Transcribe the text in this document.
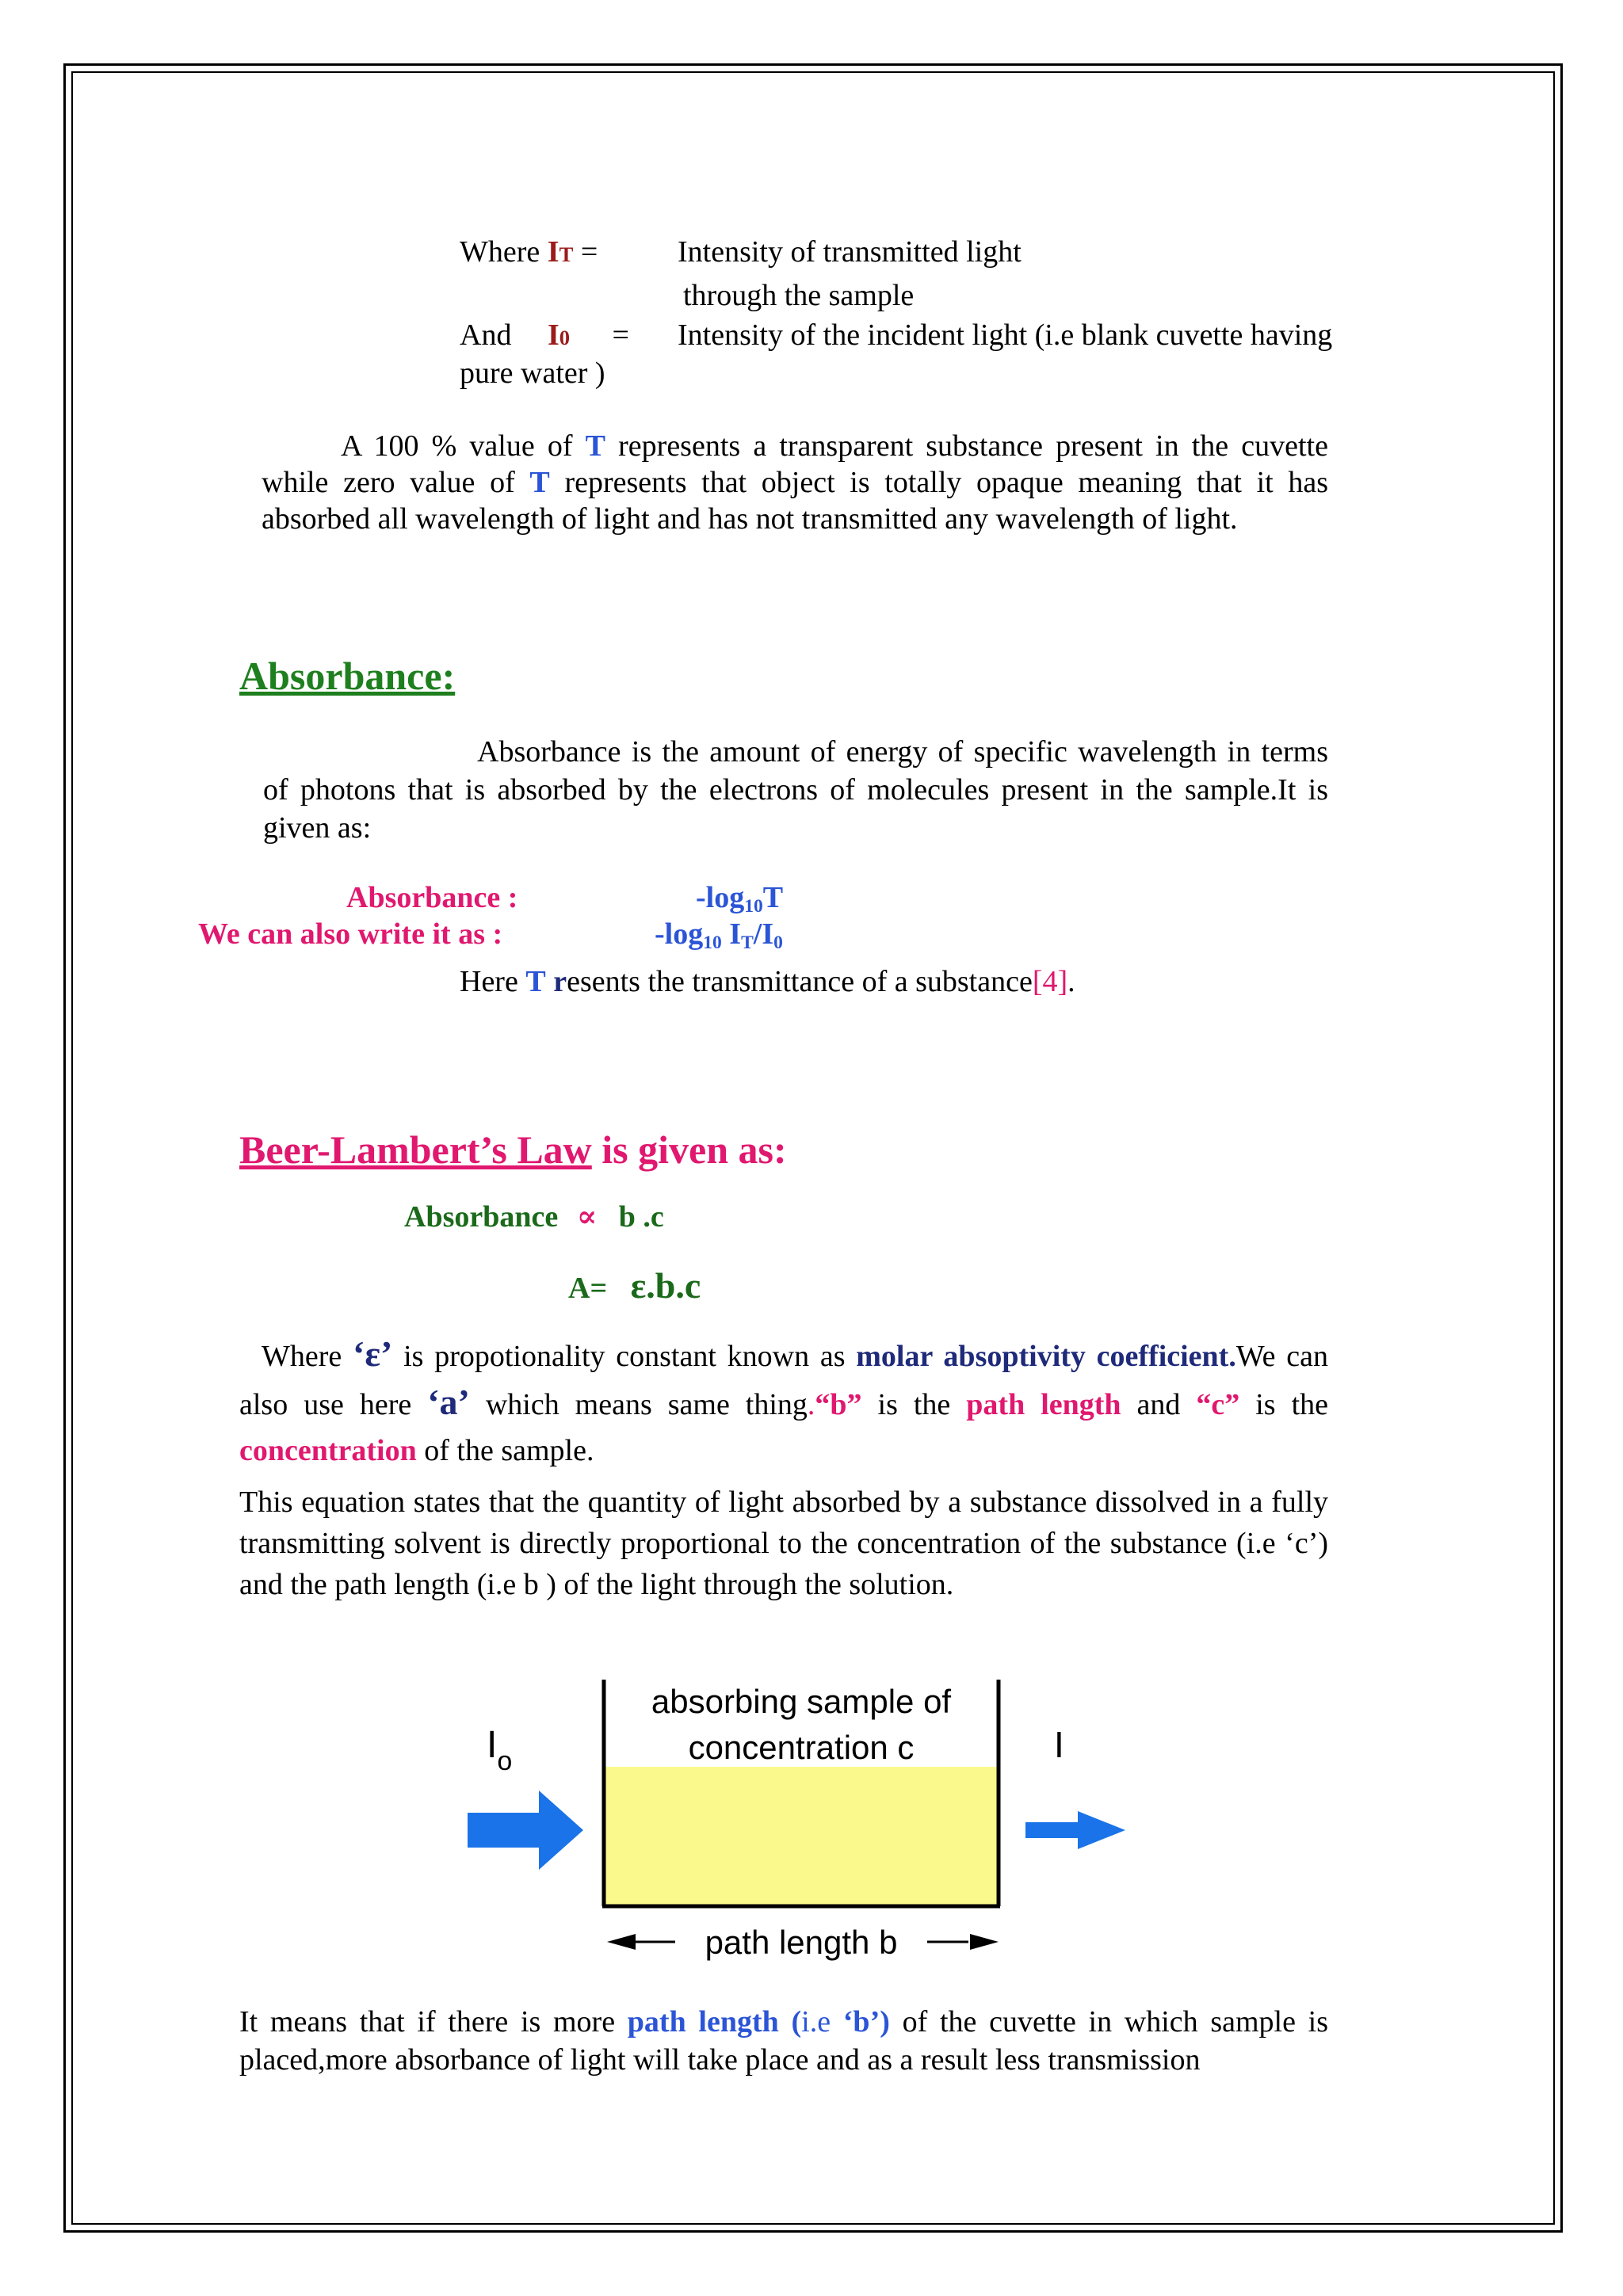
Where IT =	Intensity of transmitted light
through the sample
And I0 = Intensity of the incident light (i.e blank cuvette having
pure water )
A 100 % value of T represents a transparent substance present in the cuvette while zero value of T represents that object is totally opaque meaning that it has absorbed all wavelength of light and has not transmitted any wavelength of light.
Absorbance:
Absorbance is the amount of energy of specific wavelength in terms of photons that is absorbed by the electrons of molecules present in the sample.It is given as:
Absorbance :	$-\log_{10}T$
We can also write it as :	$-\log_{10}$ $I_T/I_0$
Here T resents the transmittance of a substance[4].
Beer-Lambert’s Law is given as:
Absorbance ∝ b .c
A= ε.b.c
Where ‘ε’ is propotionality constant known as molar absoptivity coefficient.We can also use here ‘a’ which means same thing.“b” is the path length and “c” is the concentration of the sample.
This equation states that the quantity of light absorbed by a substance dissolved in a fully transmitting solvent is directly proportional to the concentration of the substance (i.e ‘c’) and the path length (i.e b ) of the light through the solution.
absorbing sample of
concentration c
$I_o$	I
path length b
It means that if there is more path length (i.e ‘b’) of the cuvette in which sample is placed,more absorbance of light will take place and as a result less transmission
